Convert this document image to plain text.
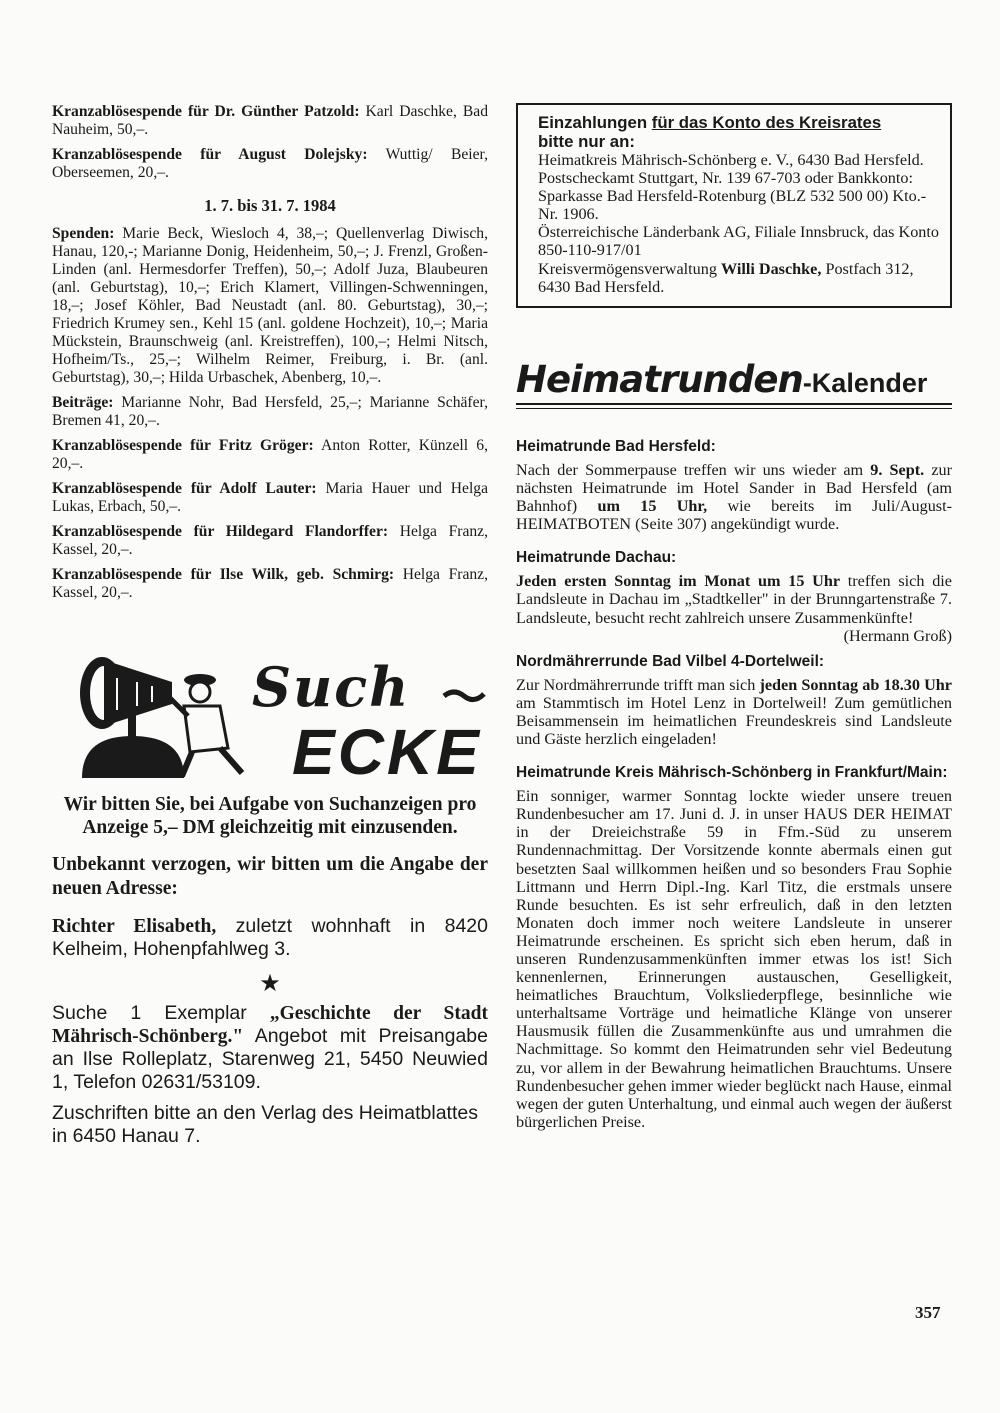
Kranzablösespende für Dr. Günther Patzold: Karl Daschke, Bad Nauheim, 50,–.

Kranzablösespende für August Dolejsky: Wuttig/ Beier, Oberseemen, 20,–.

1. 7. bis 31. 7. 1984

Spenden: Marie Beck, Wiesloch 4, 38,–; Quellenverlag Diwisch, Hanau, 120,-; Marianne Donig, Heidenheim, 50,–; J. Frenzl, Großen-Linden (anl. Hermesdorfer Treffen), 50,–; Adolf Juza, Blaubeuren (anl. Geburtstag), 10,–; Erich Klamert, Villingen-Schwenningen, 18,–; Josef Köhler, Bad Neustadt (anl. 80. Geburtstag), 30,–; Friedrich Krumey sen., Kehl 15 (anl. goldene Hochzeit), 10,–; Maria Mückstein, Braunschweig (anl. Kreistreffen), 100,–; Helmi Nitsch, Hofheim/Ts., 25,–; Wilhelm Reimer, Freiburg, i. Br. (anl. Geburtstag), 30,–; Hilda Urbaschek, Abenberg, 10,–.

Beiträge: Marianne Nohr, Bad Hersfeld, 25,–; Marianne Schäfer, Bremen 41, 20,–.

Kranzablösespende für Fritz Gröger: Anton Rotter, Künzell 6, 20,–.

Kranzablösespende für Adolf Lauter: Maria Hauer und Helga Lukas, Erbach, 50,–.

Kranzablösespende für Hildegard Flandorffer: Helga Franz, Kassel, 20,–.

Kranzablösespende für Ilse Wilk, geb. Schmirg: Helga Franz, Kassel, 20,–.

Such
ECKE
Wir bitten Sie, bei Aufgabe von Suchanzeigen pro Anzeige 5,– DM gleichzeitig mit einzusenden.
Unbekannt verzogen, wir bitten um die Angabe der neuen Adresse:

Richter Elisabeth, zuletzt wohnhaft in 8420 Kelheim, Hohenpfahlweg 3.

★

Suche 1 Exemplar „Geschichte der Stadt Mährisch-Schönberg." Angebot mit Preisangabe an Ilse Rolleplatz, Starenweg 21, 5450 Neuwied 1, Telefon 02631/53109.

Zuschriften bitte an den Verlag des Heimatblattes in 6450 Hanau 7.

Einzahlungen für das Konto des Kreisrates
bitte nur an:

Heimatkreis Mährisch-Schönberg e. V., 6430 Bad Hersfeld.

Postscheckamt Stuttgart, Nr. 139 67-703 oder Bankkonto: Sparkasse Bad Hersfeld-Rotenburg (BLZ 532 500 00) Kto.-Nr. 1906.

Österreichische Länderbank AG, Filiale Innsbruck, das Konto 850-110-917/01

Kreisvermögensverwaltung Willi Daschke, Postfach 312, 6430 Bad Hersfeld.

Heimatrunden-Kalender
Heimatrunde Bad Hersfeld:

Nach der Sommerpause treffen wir uns wieder am 9. Sept. zur nächsten Heimatrunde im Hotel Sander in Bad Hersfeld (am Bahnhof) um 15 Uhr, wie bereits im Juli/August-HEIMATBOTEN (Seite 307) angekündigt wurde.

Heimatrunde Dachau:

Jeden ersten Sonntag im Monat um 15 Uhr treffen sich die Landsleute in Dachau im „Stadtkeller" in der Brunngartenstraße 7. Landsleute, besucht recht zahlreich unsere Zusammenkünfte!

(Hermann Groß)

Nordmährerrunde Bad Vilbel 4-Dortelweil:

Zur Nordmährerrunde trifft man sich jeden Sonntag ab 18.30 Uhr am Stammtisch im Hotel Lenz in Dortelweil! Zum gemütlichen Beisammensein im heimatlichen Freundeskreis sind Landsleute und Gäste herzlich eingeladen!

Heimatrunde Kreis Mährisch-Schönberg in Frankfurt/Main:

Ein sonniger, warmer Sonntag lockte wieder unsere treuen Rundenbesucher am 17. Juni d. J. in unser HAUS DER HEIMAT in der Dreieichstraße 59 in Ffm.-Süd zu unserem Rundennachmittag. Der Vorsitzende konnte abermals einen gut besetzten Saal willkommen heißen und so besonders Frau Sophie Littmann und Herrn Dipl.-Ing. Karl Titz, die erstmals unsere Runde besuchten. Es ist sehr erfreulich, daß in den letzten Monaten doch immer noch weitere Landsleute in unserer Heimatrunde erscheinen. Es spricht sich eben herum, daß in unseren Rundenzusammenkünften immer etwas los ist! Sich kennenlernen, Erinnerungen austauschen, Geselligkeit, heimatliches Brauchtum, Volksliederpflege, besinnliche wie unterhaltsame Vorträge und heimatliche Klänge von unserer Hausmusik füllen die Zusammenkünfte aus und umrahmen die Nachmittage. So kommt den Heimatrunden sehr viel Bedeutung zu, vor allem in der Bewahrung heimatlichen Brauchtums. Unsere Rundenbesucher gehen immer wieder beglückt nach Hause, einmal wegen der guten Unterhaltung, und einmal auch wegen der äußerst bürgerlichen Preise.

357
